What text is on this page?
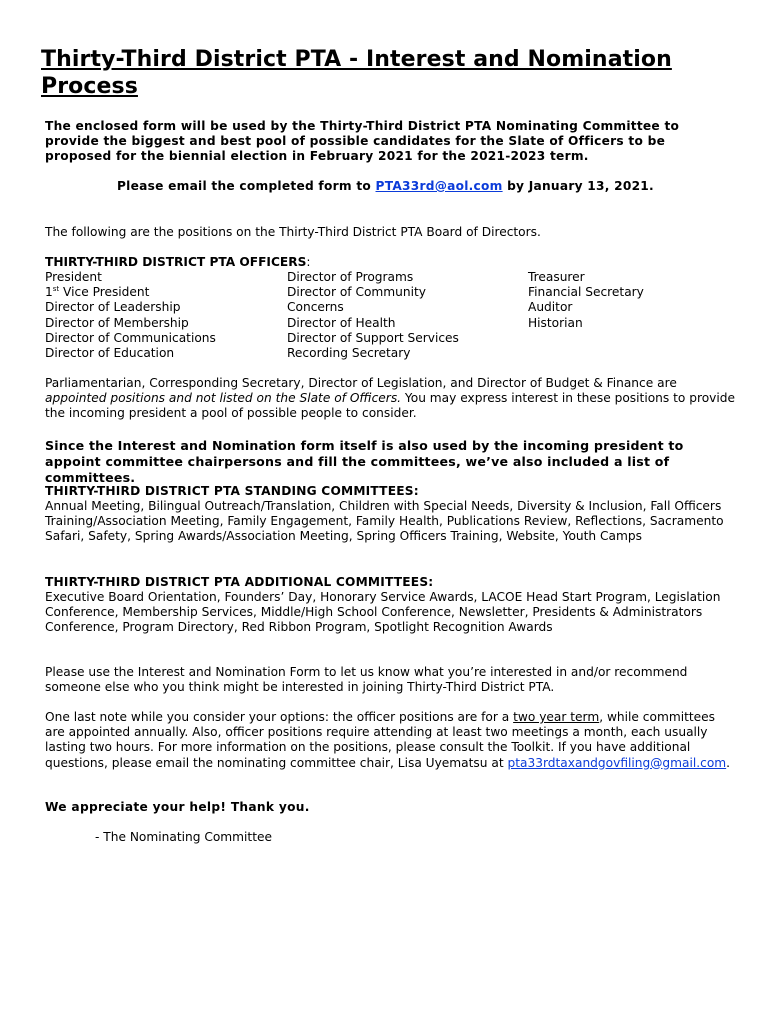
Thirty-Third District PTA - Interest and Nomination Process
The enclosed form will be used by the Thirty-Third District PTA Nominating Committee to provide the biggest and best pool of possible candidates for the Slate of Officers to be proposed for the biennial election in February 2021 for the 2021-2023 term.
Please email the completed form to PTA33rd@aol.com by January 13, 2021.
The following are the positions on the Thirty-Third District PTA Board of Directors.
THIRTY-THIRD DISTRICT PTA OFFICERS:
President
1st Vice President
Director of Leadership
Director of Membership
Director of Communications
Director of Education
Director of Programs
Director of Community
Concerns
Director of Health
Director of Support Services
Recording Secretary
Treasurer
Financial Secretary
Auditor
Historian
Parliamentarian, Corresponding Secretary, Director of Legislation, and Director of Budget & Finance are appointed positions and not listed on the Slate of Officers. You may express interest in these positions to provide the incoming president a pool of possible people to consider.
Since the Interest and Nomination form itself is also used by the incoming president to appoint committee chairpersons and fill the committees, we’ve also included a list of committees.
THIRTY-THIRD DISTRICT PTA STANDING COMMITTEES:
Annual Meeting, Bilingual Outreach/Translation, Children with Special Needs, Diversity & Inclusion, Fall Officers Training/Association Meeting, Family Engagement, Family Health, Publications Review, Reflections, Sacramento Safari, Safety, Spring Awards/Association Meeting, Spring Officers Training, Website, Youth Camps
THIRTY-THIRD DISTRICT PTA ADDITIONAL COMMITTEES:
Executive Board Orientation, Founders’ Day, Honorary Service Awards, LACOE Head Start Program, Legislation Conference, Membership Services, Middle/High School Conference, Newsletter, Presidents & Administrators Conference, Program Directory, Red Ribbon Program, Spotlight Recognition Awards
Please use the Interest and Nomination Form to let us know what you’re interested in and/or recommend someone else who you think might be interested in joining Thirty-Third District PTA.
One last note while you consider your options: the officer positions are for a two year term, while committees are appointed annually. Also, officer positions require attending at least two meetings a month, each usually lasting two hours. For more information on the positions, please consult the Toolkit. If you have additional questions, please email the nominating committee chair, Lisa Uyematsu at pta33rdtaxandgovfiling@gmail.com.
We appreciate your help! Thank you.
- The Nominating Committee
